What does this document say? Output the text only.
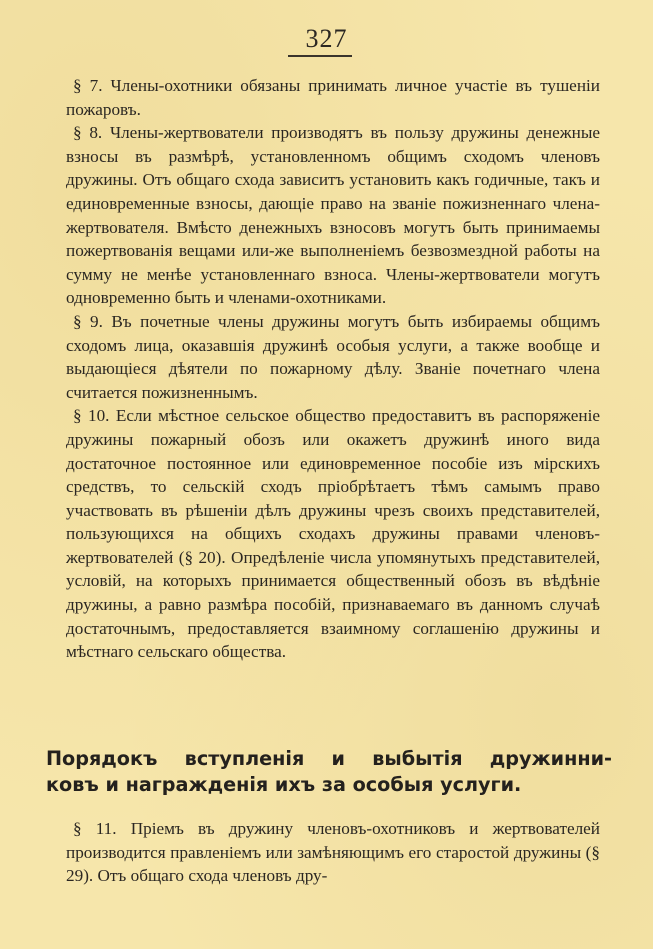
327

§ 7. Члены-охотники обязаны принимать личное участіе въ тушеніи пожаровъ.

§ 8. Члены-жертвователи производятъ въ пользу дружины денежные взносы въ размѣрѣ, установленномъ общимъ сходомъ членовъ дружины. Отъ общаго схода зависитъ установить какъ годичные, такъ и единовременные взносы, дающіе право на званіе пожизненнаго члена-жертвователя. Вмѣсто денежныхъ взносовъ могутъ быть принимаемы пожертвованія вещами или-же выполненіемъ безвозмездной работы на сумму не менѣе установленнаго взноса. Члены-жертвователи могутъ одновременно быть и членами-охотниками.

§ 9. Въ почетные члены дружины могутъ быть избираемы общимъ сходомъ лица, оказавшія дружинѣ особыя услуги, а также вообще и выдающіеся дѣятели по пожарному дѣлу. Званіе почетнаго члена считается пожизненнымъ.

§ 10. Если мѣстное сельское общество предоставитъ въ распоряженіе дружины пожарный обозъ или окажетъ дружинѣ иного вида достаточное постоянное или единовременное пособіе изъ мірскихъ средствъ, то сельскій сходъ пріобрѣтаетъ тѣмъ самымъ право участвовать въ рѣшеніи дѣлъ дружины чрезъ своихъ представителей, пользующихся на общихъ сходахъ дружины правами членовъ-жертвователей (§ 20). Опредѣленіе числа упомянутыхъ представителей, условій, на которыхъ принимается общественный обозъ въ вѣдѣніе дружины, а равно размѣра пособій, признаваемаго въ данномъ случаѣ достаточнымъ, предоставляется взаимному соглашенію дружины и мѣстнаго сельскаго общества.

Порядокъ вступленія и выбытія дружинни-
ковъ и награжденія ихъ за особыя услуги.

§ 11. Пріемъ въ дружину членовъ-охотниковъ и жертвователей производится правленіемъ или замѣняющимъ его старостой дружины (§ 29). Отъ общаго схода членовъ дру-
